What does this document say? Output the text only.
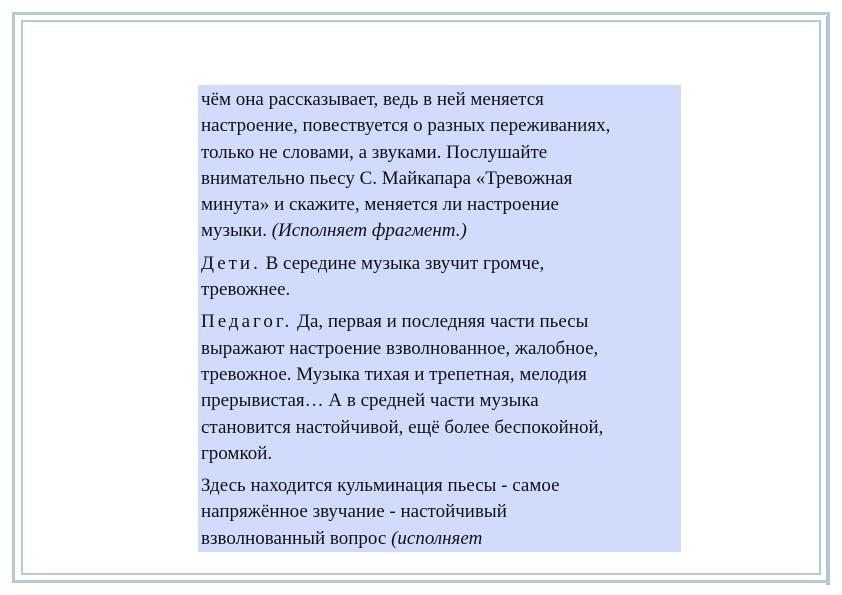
чём она рассказывает, ведь в ней меняется
настроение, повествуется о разных переживаниях,
только не словами, а звуками. Послушайте
внимательно пьесу С. Майкапара «Тревожная
минута» и скажите, меняется ли настроение
музыки. (Исполняет фрагмент.)

Дети. В середине музыка звучит громче,
тревожнее.

Педагог. Да, первая и последняя части пьесы
выражают настроение взволнованное, жалобное,
тревожное. Музыка тихая и трепетная, мелодия
прерывистая… А в средней части музыка
становится настойчивой, ещё более беспокойной,
громкой.

Здесь находится кульминация пьесы - самое
напряжённое звучание - настойчивый
взволнованный вопрос (исполняет
